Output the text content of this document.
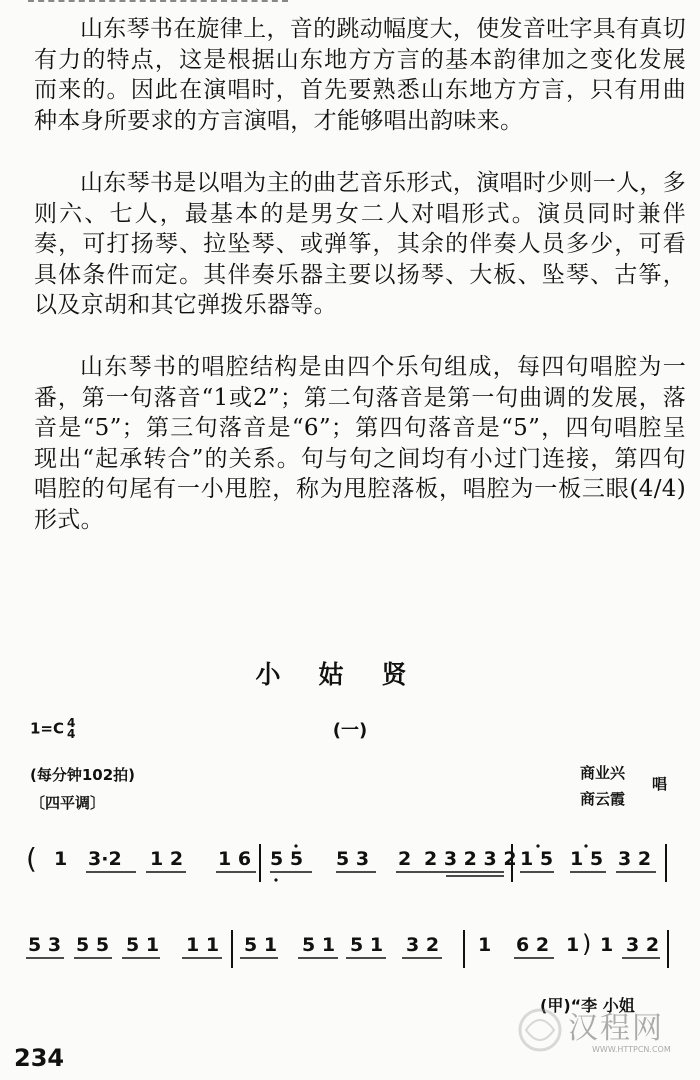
山东琴书在旋律上，音的跳动幅度大，使发音吐字具有真切有力的特点，这是根据山东地方方言的基本韵律加之变化发展而来的。因此在演唱时，首先要熟悉山东地方方言，只有用曲种本身所要求的方言演唱，才能够唱出韵味来。

山东琴书是以唱为主的曲艺音乐形式，演唱时少则一人，多则六、七人，最基本的是男女二人对唱形式。演员同时兼伴奏，可打扬琴、拉坠琴、或弹筝，其余的伴奏人员多少，可看具体条件而定。其伴奏乐器主要以扬琴、大板、坠琴、古筝，以及京胡和其它弹拨乐器等。

山东琴书的唱腔结构是由四个乐句组成，每四句唱腔为一番，第一句落音“1或2”；第二句落音是第一句曲调的发展，落音是“5”；第三句落音是“6”；第四句落音是“5”，四句唱腔呈现出“起承转合”的关系。句与句之间均有小过门连接，第四句唱腔的句尾有一小甩腔，称为甩腔落板，唱腔为一板三眼(4/4)形式。

小姑贤
(一)
1=C 4
4
(每分钟102拍)
〔四平调〕
商业兴
商云霞
唱
( 1 3·2 1 2 1 6 5 5 5 3 2 2 3 2 3 2 1 5 1 5 3 2
5 3 5 5 5 1 1 1 5 1 5 1 5 1 3 2 1 6 2 1 ) 1 3 2
(甲)“李 小姐
234
汉程网
WWW.HTTPCN.COM
